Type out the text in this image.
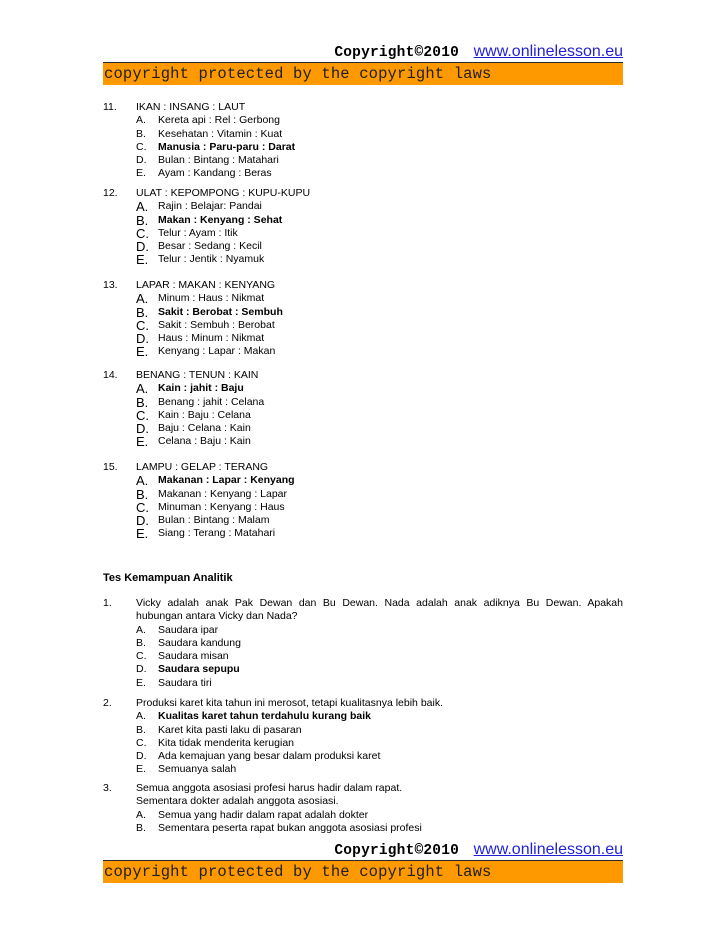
Copyright©2010 www.onlinelesson.eu
copyright protected by the copyright laws
11.	IKAN : INSANG : LAUT
A.	Kereta api : Rel : Gerbong
B.	Kesehatan : Vitamin : Kuat
C.	Manusia : Paru-paru : Darat
D.	Bulan : Bintang : Matahari
E.	Ayam : Kandang : Beras
12.	ULAT : KEPOMPONG : KUPU-KUPU
A. Rajin : Belajar: Pandai
B. Makan : Kenyang : Sehat
C. Telur : Ayam : Itik
D. Besar : Sedang : Kecil
E. Telur : Jentik : Nyamuk
13.	LAPAR : MAKAN : KENYANG
A. Minum : Haus : Nikmat
B. Sakit : Berobat : Sembuh
C. Sakit : Sembuh : Berobat
D. Haus : Minum : Nikmat
E. Kenyang : Lapar : Makan
14.	BENANG : TENUN : KAIN
A. Kain : jahit : Baju
B. Benang : jahit : Celana
C. Kain : Baju : Celana
D. Baju : Celana : Kain
E. Celana : Baju : Kain
15.	LAMPU : GELAP : TERANG
A. Makanan : Lapar : Kenyang
B. Makanan : Kenyang : Lapar
C. Minuman : Kenyang : Haus
D. Bulan : Bintang : Malam
E. Siang : Terang : Matahari
Tes Kemampuan Analitik
1.	Vicky adalah anak Pak Dewan dan Bu Dewan. Nada adalah anak adiknya Bu Dewan. Apakah
hubungan antara Vicky dan Nada?
A.	Saudara ipar
B.	Saudara kandung
C.	Saudara misan
D.	Saudara sepupu
E.	Saudara tiri
2.	Produksi karet kita tahun ini merosot, tetapi kualitasnya lebih baik.
A.	Kualitas karet tahun terdahulu kurang baik
B.	Karet kita pasti laku di pasaran
C.	Kita tidak menderita kerugian
D.	Ada kemajuan yang besar dalam produksi karet
E.	Semuanya salah
3.	Semua anggota asosiasi profesi harus hadir dalam rapat.
Sementara dokter adalah anggota asosiasi.
A.	Semua yang hadir dalam rapat adalah dokter
B.	Sementara peserta rapat bukan anggota asosiasi profesi
Copyright©2010 www.onlinelesson.eu
copyright protected by the copyright laws
